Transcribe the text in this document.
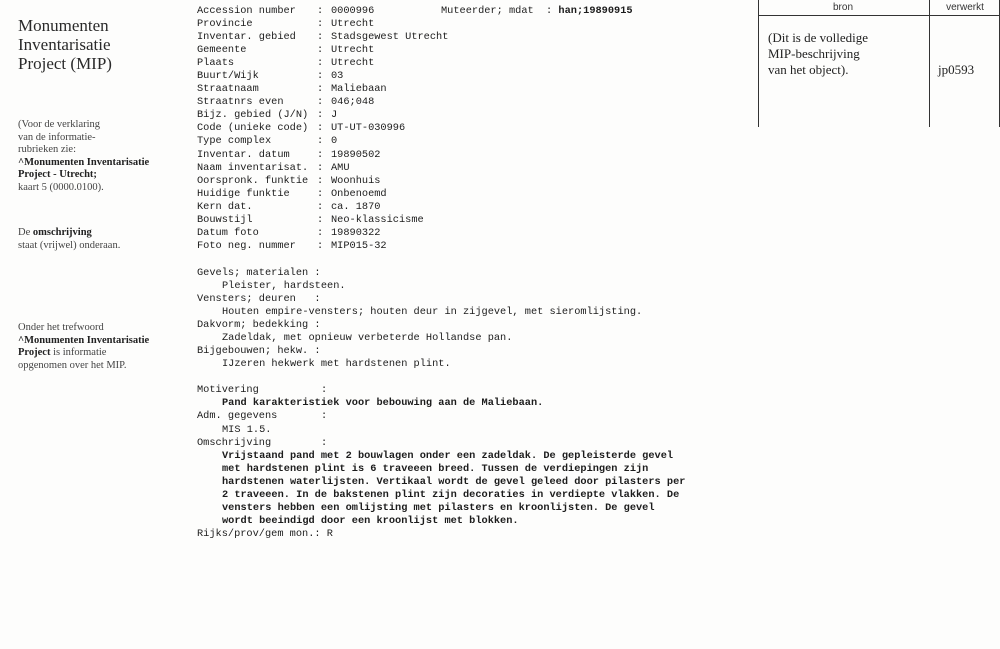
Monumenten
Inventarisatie
Project (MIP)
(Voor de verklaring
van de informatie-
rubrieken zie:
^Monumenten Inventarisatie
Project - Utrecht;
kaart 5 (0000.0100).
De omschrijving
staat (vrijwel) onderaan.
Onder het trefwoord
^Monumenten Inventarisatie
Project is informatie
opgenomen over het MIP.
Accession number	: 0000996
Provincie	: Utrecht
Inventar. gebied	: Stadsgewest Utrecht
Gemeente	: Utrecht
Plaats	: Utrecht
Buurt/Wijk	: 03
Straatnaam	: Maliebaan
Straatnrs even	: 046;048
Bijz. gebied (J/N) : J
Code (unieke code) : UT-UT-030996
Type complex	: 0
Inventar. datum	: 19890502
Naam inventarisat. : AMU
Oorspronk. funktie : Woonhuis
Huidige funktie	: Onbenoemd
Kern dat.	: ca. 1870
Bouwstijl	: Neo-klassicisme
Datum foto	: 19890322
Foto neg. nummer	: MIP015-32
Muteerder; mdat : han;19890915
Gevels; materialen :
Pleister, hardsteen.
Vensters; deuren   :
Houten empire-vensters; houten deur in zijgevel, met sieromlijsting.
Dakvorm; bedekking :
Zadeldak, met opnieuw verbeterde Hollandse pan.
Bijgebouwen; hekw. :
IJzeren hekwerk met hardstenen plint.
Motivering	:
Pand karakteristiek voor bebouwing aan de Maliebaan.
Adm. gegevens	:
MIS 1.5.
Omschrijving	:
Vrijstaand pand met 2 bouwlagen onder een zadeldak. De gepleisterde gevel
met hardstenen plint is 6 traveeen breed. Tussen de verdiepingen zijn
hardstenen waterlijsten. Vertikaal wordt de gevel geleed door pilasters per
2 traveeen. In de bakstenen plint zijn decoraties in verdiepte vlakken. De
vensters hebben een omlijsting met pilasters en kroonlijsten. De gevel
wordt beeindigd door een kroonlijst met blokken.
Rijks/prov/gem mon.: R
bron	verwerkt
(Dit is de volledige
MIP-beschrijving
van het object).	jp0593
